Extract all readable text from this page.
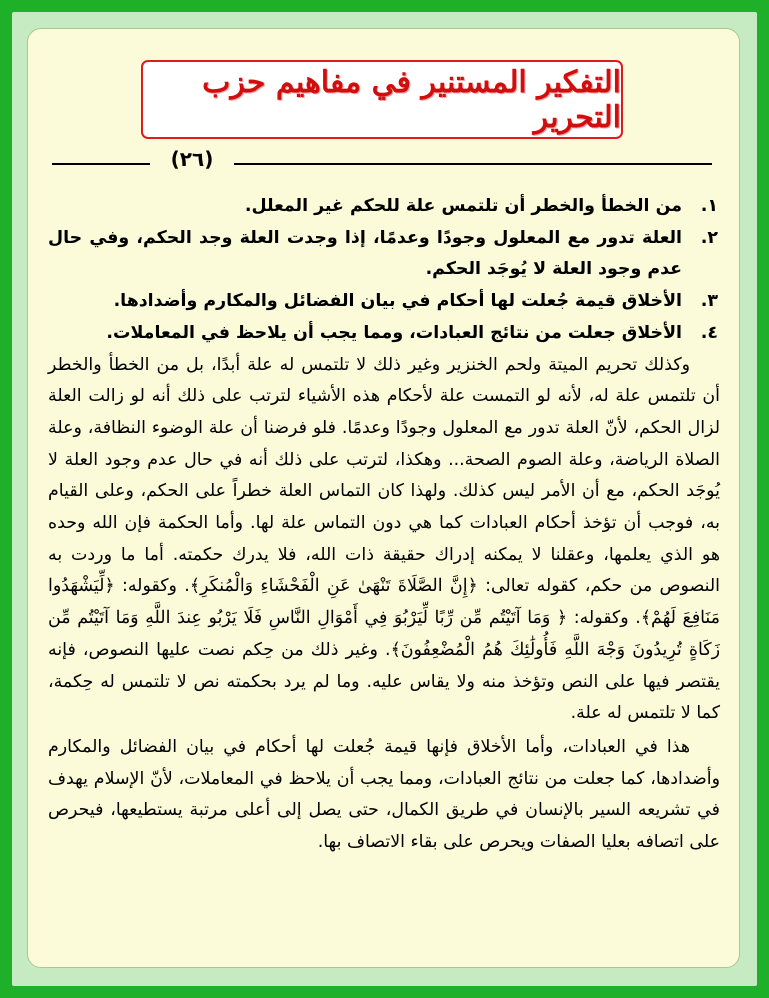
التفكير المستنير في مفاهيم حزب التحرير
(٢٦)
١.
من الخطأ والخطر أن تلتمس علة للحكم غير المعلل.
٢.
العلة تدور مع المعلول وجودًا وعدمًا، إذا وجدت العلة وجد الحكم، وفي حال عدم وجود العلة لا يُوجَد الحكم.
٣.
الأخلاق قيمة جُعلت لها أحكام في بيان الفضائل والمكارم وأضدادها.
٤.
الأخلاق جعلت من نتائج العبادات، ومما يجب أن يلاحظ في المعاملات.

وكذلك تحريم الميتة ولحم الخنزير وغير ذلك لا تلتمس له علة أبدًا، بل من الخطأ والخطر أن تلتمس علة له، لأنه لو التمست علة لأحكام هذه الأشياء لترتب على ذلك أنه لو زالت العلة لزال الحكم، لأنّ العلة تدور مع المعلول وجودًا وعدمًا. فلو فرضنا أن علة الوضوء النظافة، وعلة الصلاة الرياضة، وعلة الصوم الصحة... وهكذا، لترتب على ذلك أنه في حال عدم وجود العلة لا يُوجَد الحكم، مع أن الأمر ليس كذلك. ولهذا كان التماس العلة خطراً على الحكم، وعلى القيام به، فوجب أن تؤخذ أحكام العبادات كما هي دون التماس علة لها. وأما الحكمة فإن الله وحده هو الذي يعلمها، وعقلنا لا يمكنه إدراك حقيقة ذات الله، فلا يدرك حكمته. أما ما وردت به النصوص من حكم، كقوله تعالى: ﴿إِنَّ الصَّلَاةَ تَنْهَىٰ عَنِ الْفَحْشَاءِ وَالْمُنكَرِ﴾. وكقوله: ﴿لِّيَشْهَدُوا مَنَافِعَ لَهُمْ﴾. وكقوله: ﴿ وَمَا آتَيْتُم مِّن رِّبًا لِّيَرْبُوَ فِي أَمْوَالِ النَّاسِ فَلَا يَرْبُو عِندَ اللَّهِ وَمَا آتَيْتُم مِّن زَكَاةٍ تُرِيدُونَ وَجْهَ اللَّهِ فَأُولَٰئِكَ هُمُ الْمُضْعِفُونَ﴾. وغير ذلك من حِكم نصت عليها النصوص، فإنه يقتصر فيها على النص وتؤخذ منه ولا يقاس عليه. وما لم يرد بحكمته نص لا تلتمس له حِكمة، كما لا تلتمس له علة.

هذا في العبادات، وأما الأخلاق فإنها قيمة جُعلت لها أحكام في بيان الفضائل والمكارم وأضدادها، كما جعلت من نتائج العبادات، ومما يجب أن يلاحظ في المعاملات، لأنّ الإسلام يهدف في تشريعه السير بالإنسان في طريق الكمال، حتى يصل إلى أعلى مرتبة يستطيعها، فيحرص على اتصافه بعليا الصفات ويحرص على بقاء الاتصاف بها.
